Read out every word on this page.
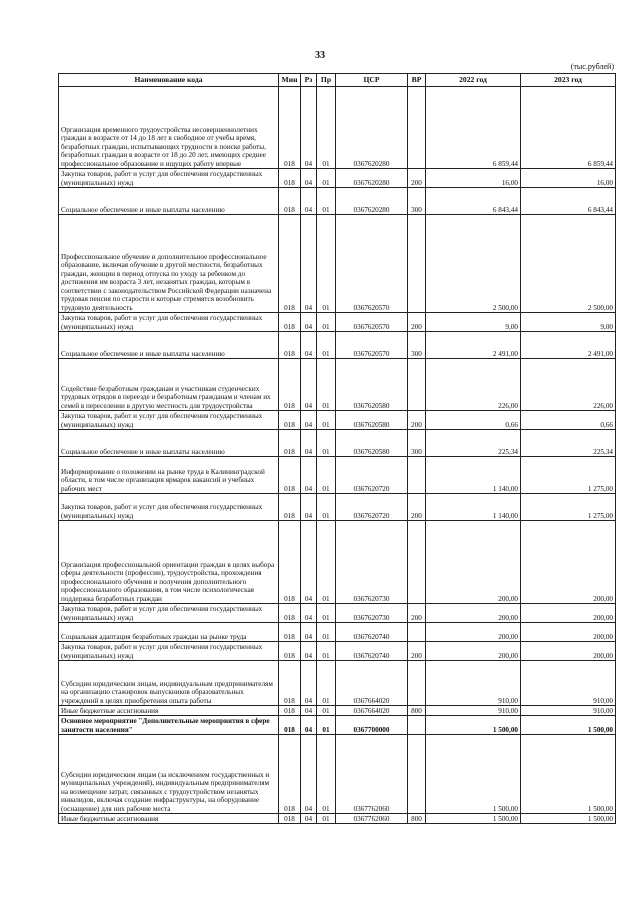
33
(тыс.рублей)
Наименование кода	Мин	Рз	Пр	ЦСР	ВР	2022 год	2023 год
Организация временного трудоустройства несовершеннолетних граждан в возрасте от 14 до 18 лет в свободное от учебы время, безработных граждан, испытывающих трудности в поиске работы, безработных граждан в возрасте от 18 до 20 лет, имеющих среднее профессиональное образование и ищущих работу впервые	018	04	01	0367620280		6 859,44	6 859,44
Закупка товаров, работ и услуг для обеспечения государственных (муниципальных) нужд	018	04	01	0367620280	200	16,00	16,00
Социальное обеспечение и иные выплаты населению	018	04	01	0367620280	300	6 843,44	6 843,44
Профессиональное обучение и дополнительное профессиональное образование, включая обучение в другой местности, безработных граждан, женщин в период отпуска по уходу за ребенком до достижения им возраста 3 лет, незанятых граждан, которым в соответствии с законодательством Российской Федерации назначена трудовая пенсия по старости и которые стремятся возобновить трудовую деятельность	018	04	01	0367620570		2 500,00	2 500,00
Закупка товаров, работ и услуг для обеспечения государственных (муниципальных) нужд	018	04	01	0367620570	200	9,00	9,00
Социальное обеспечение и иные выплаты населению	018	04	01	0367620570	300	2 491,00	2 491,00
Содействие безработным гражданам и участникам студенческих трудовых отрядов в переезде и безработным гражданам и членам их семей в переселении в другую местность для трудоустройства	018	04	01	0367620580		226,00	226,00
Закупка товаров, работ и услуг для обеспечения государственных (муниципальных) нужд	018	04	01	0367620580	200	0,66	0,66
Социальное обеспечение и иные выплаты населению	018	04	01	0367620580	300	225,34	225,34
Информирование о положении на рынке труда в Калининградской области, в том числе организация ярмарок вакансий и учебных рабочих мест	018	04	01	0367620720		1 140,00	1 275,00
Закупка товаров, работ и услуг для обеспечения государственных (муниципальных) нужд	018	04	01	0367620720	200	1 140,00	1 275,00
Организация профессиональной ориентации граждан в целях выбора сферы деятельности (профессии), трудоустройства, прохождения профессионального обучения и получения дополнительного профессионального образования, в том числе психологическая поддержка безработных граждан	018	04	01	0367620730		200,00	200,00
Закупка товаров, работ и услуг для обеспечения государственных (муниципальных) нужд	018	04	01	0367620730	200	200,00	200,00
Социальная адаптация безработных граждан на рынке труда	018	04	01	0367620740		200,00	200,00
Закупка товаров, работ и услуг для обеспечения государственных (муниципальных) нужд	018	04	01	0367620740	200	200,00	200,00
Субсидии юридическим лицам, индивидуальным предпринимателям на организацию стажировок выпускников образовательных учреждений в целях приобретения опыта работы	018	04	01	0367664020		910,00	910,00
Иные бюджетные ассигнования	018	04	01	0367664020	800	910,00	910,00
Основное мероприятие "Дополнительные мероприятия в сфере занятости населения"	018	04	01	0367700000		1 500,00	1 500,00
Субсидии юридическим лицам (за исключением государственных и муниципальных учреждений), индивидуальным предпринимателям на возмещение затрат, связанных с трудоустройством незанятых инвалидов, включая создание инфраструктуры, на оборудование (оснащение) для них рабочие места	018	04	01	0367762060		1 500,00	1 500,00
Иные бюджетные ассигнования	018	04	01	0367762060	800	1 500,00	1 500,00
